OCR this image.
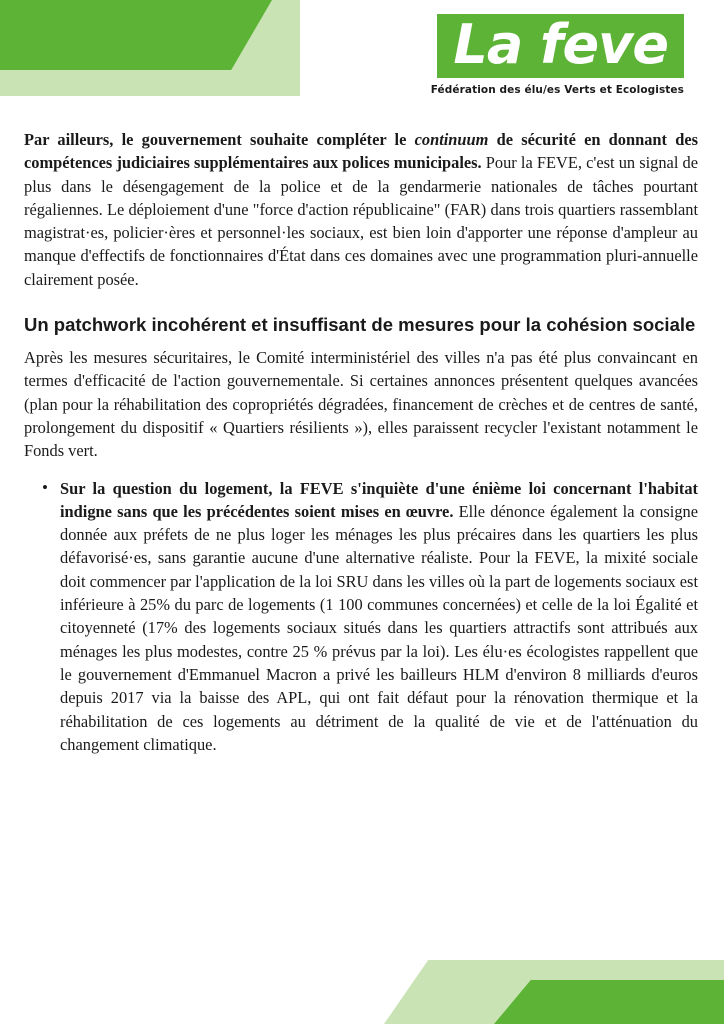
La feve
Fédération des élu/es Verts et Ecologistes

Par ailleurs, le gouvernement souhaite compléter le continuum de sécurité en donnant des compétences judiciaires supplémentaires aux polices municipales. Pour la FEVE, c'est un signal de plus dans le désengagement de la police et de la gendarmerie nationales de tâches pourtant régaliennes. Le déploiement d'une "force d'action républicaine" (FAR) dans trois quartiers rassemblant magistrat·es, policier·ères et personnel·les sociaux, est bien loin d'apporter une réponse d'ampleur au manque d'effectifs de fonctionnaires d'État dans ces domaines avec une programmation pluri-annuelle clairement posée.

Un patchwork incohérent et insuffisant de mesures pour la cohésion sociale

Après les mesures sécuritaires, le Comité interministériel des villes n'a pas été plus convaincant en termes d'efficacité de l'action gouvernementale. Si certaines annonces présentent quelques avancées (plan pour la réhabilitation des copropriétés dégradées, financement de crèches et de centres de santé, prolongement du dispositif « Quartiers résilients »), elles paraissent recycler l'existant notamment le Fonds vert.

• Sur la question du logement, la FEVE s'inquiète d'une énième loi concernant l'habitat indigne sans que les précédentes soient mises en œuvre. Elle dénonce également la consigne donnée aux préfets de ne plus loger les ménages les plus précaires dans les quartiers les plus défavorisé·es, sans garantie aucune d'une alternative réaliste. Pour la FEVE, la mixité sociale doit commencer par l'application de la loi SRU dans les villes où la part de logements sociaux est inférieure à 25% du parc de logements (1 100 communes concernées) et celle de la loi Égalité et citoyenneté (17% des logements sociaux situés dans les quartiers attractifs sont attribués aux ménages les plus modestes, contre 25 % prévus par la loi). Les élu·es écologistes rappellent que le gouvernement d'Emmanuel Macron a privé les bailleurs HLM d'environ 8 milliards d'euros depuis 2017 via la baisse des APL, qui ont fait défaut pour la rénovation thermique et la réhabilitation de ces logements au détriment de la qualité de vie et de l'atténuation du changement climatique.
